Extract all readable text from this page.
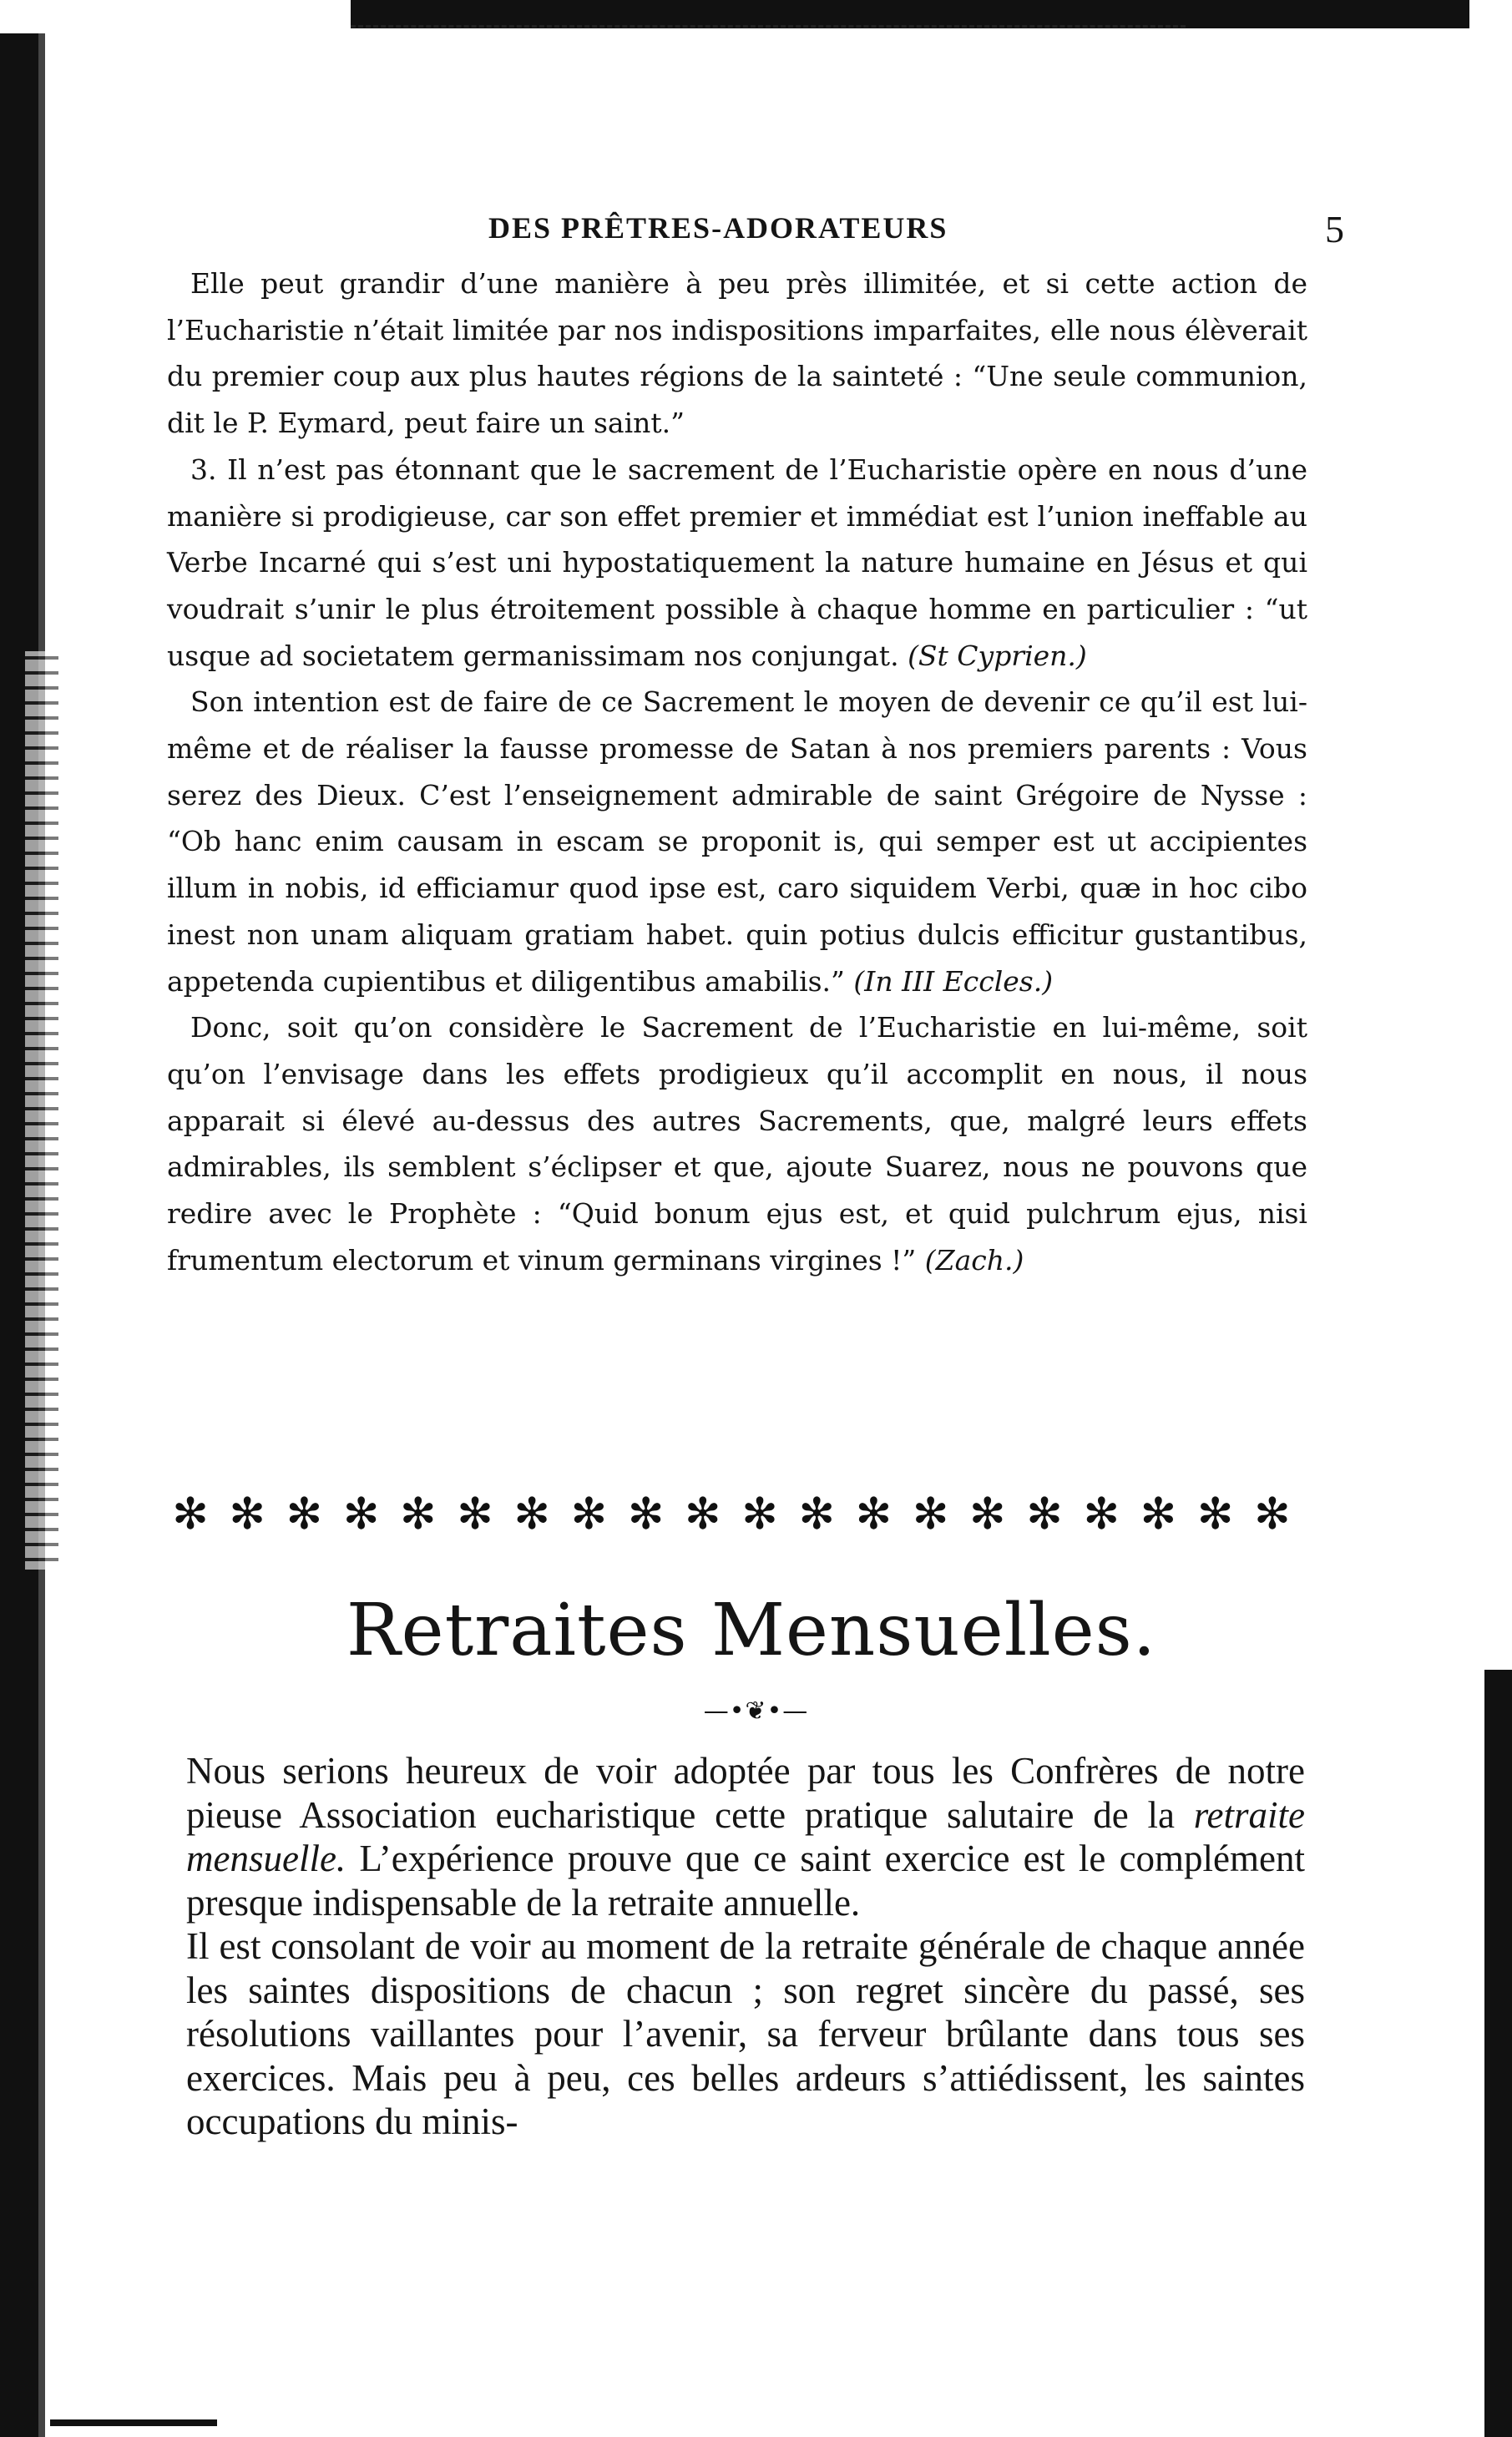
DES PRÊTRES-ADORATEURS	5

Elle peut grandir d’une manière à peu près illimitée, et si cette action de l’Eucharistie n’était limitée par nos indispositions imparfaites, elle nous élèverait du premier coup aux plus hautes régions de la sainteté : “Une seule communion, dit le P. Eymard, peut faire un saint.”

3. Il n’est pas étonnant que le sacrement de l’Eucharistie opère en nous d’une manière si prodigieuse, car son effet premier et immédiat est l’union ineffable au Verbe Incarné qui s’est uni hypostatiquement la nature humaine en Jésus et qui voudrait s’unir le plus étroitement possible à chaque homme en particulier : “ut usque ad societatem germanissimam nos conjungat. (St Cyprien.)

Son intention est de faire de ce Sacrement le moyen de devenir ce qu’il est lui-même et de réaliser la fausse promesse de Satan à nos premiers parents : Vous serez des Dieux. C’est l’enseignement admirable de saint Grégoire de Nysse : “Ob hanc enim causam in escam se proponit is, qui semper est ut accipientes illum in nobis, id efficiamur quod ipse est, caro siquidem Verbi, quæ in hoc cibo inest non unam aliquam gratiam habet. quin potius dulcis efficitur gustantibus, appetenda cupientibus et diligentibus amabilis.” (In III Eccles.)

Donc, soit qu’on considère le Sacrement de l’Eucharistie en lui-même, soit qu’on l’envisage dans les effets prodigieux qu’il accomplit en nous, il nous apparait si élevé au-dessus des autres Sacrements, que, malgré leurs effets admirables, ils semblent s’éclipser et que, ajoute Suarez, nous ne pouvons que redire avec le Prophète : “Quid bonum ejus est, et quid pulchrum ejus, nisi frumentum electorum et vinum germinans virgines !” (Zach.)

✻ ✻ ✻ ✻ ✻ ✻ ✻ ✻ ✻ ✻ ✻ ✻ ✻ ✻ ✻ ✻ ✻ ✻ ✻ ✻
Retraites Mensuelles.
—•❦•—

Nous serions heureux de voir adoptée par tous les Confrères de notre pieuse Association eucharistique cette pratique salutaire de la retraite mensuelle. L’expérience prouve que ce saint exercice est le complément presque indispensable de la retraite annuelle.

Il est consolant de voir au moment de la retraite générale de chaque année les saintes dispositions de chacun ; son regret sincère du passé, ses résolutions vaillantes pour l’avenir, sa ferveur brûlante dans tous ses exercices. Mais peu à peu, ces belles ardeurs s’attiédissent, les saintes occupations du minis-
